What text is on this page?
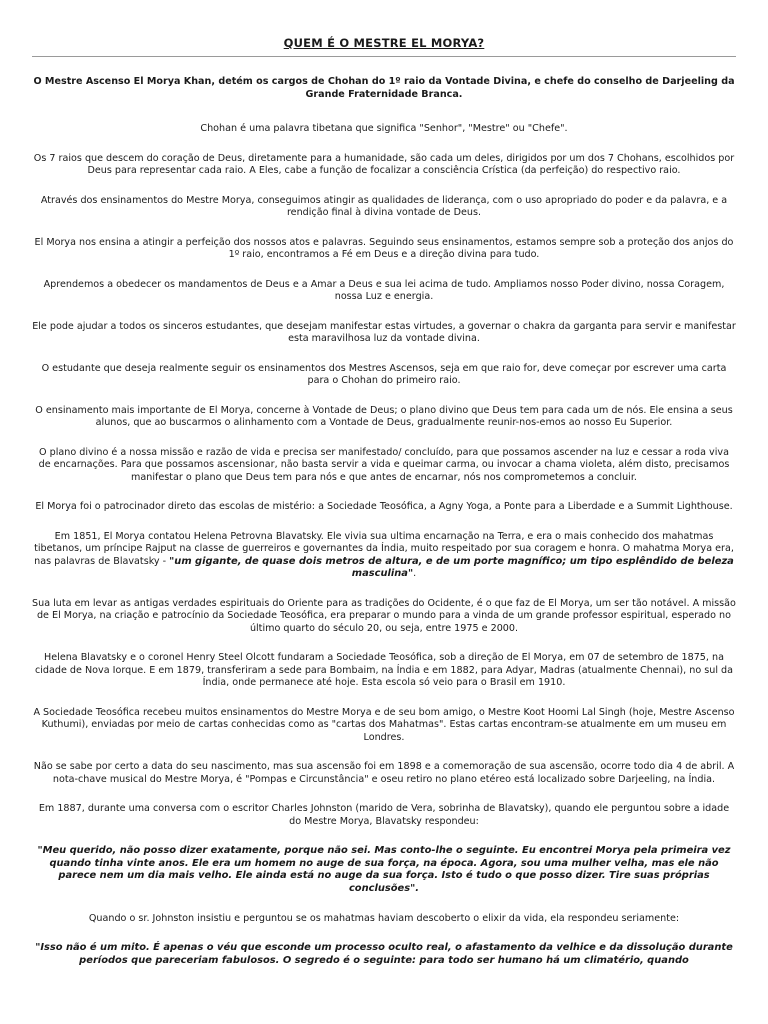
QUEM É O MESTRE EL MORYA?

O Mestre Ascenso El Morya Khan, detém os cargos de Chohan do 1º raio da Vontade Divina, e chefe do conselho de Darjeeling da Grande Fraternidade Branca.

Chohan é uma palavra tibetana que significa "Senhor", "Mestre" ou "Chefe".

Os 7 raios que descem do coração de Deus, diretamente para a humanidade, são cada um deles, dirigidos por um dos 7 Chohans, escolhidos por Deus para representar cada raio. A Eles, cabe a função de focalizar a consciência Crística (da perfeição) do respectivo raio.

Através dos ensinamentos do Mestre Morya, conseguimos atingir as qualidades de liderança, com o uso apropriado do poder e da palavra, e a rendição final à divina vontade de Deus.

El Morya nos ensina a atingir a perfeição dos nossos atos e palavras. Seguindo seus ensinamentos, estamos sempre sob a proteção dos anjos do 1º raio, encontramos a Fé em Deus e a direção divina para tudo.

Aprendemos a obedecer os mandamentos de Deus e a Amar a Deus e sua lei acima de tudo. Ampliamos nosso Poder divino, nossa Coragem, nossa Luz e energia.

Ele pode ajudar a todos os sinceros estudantes, que desejam manifestar estas virtudes, a governar o chakra da garganta para servir e manifestar esta maravilhosa luz da vontade divina.

O estudante que deseja realmente seguir os ensinamentos dos Mestres Ascensos, seja em que raio for, deve começar por escrever uma carta para o Chohan do primeiro raio.

O ensinamento mais importante de El Morya, concerne à Vontade de Deus; o plano divino que Deus tem para cada um de nós. Ele ensina a seus alunos, que ao buscarmos o alinhamento com a Vontade de Deus, gradualmente reunir-nos-emos ao nosso Eu Superior.

O plano divino é a nossa missão e razão de vida e precisa ser manifestado/ concluído, para que possamos ascender na luz e cessar a roda viva de encarnações. Para que possamos ascensionar, não basta servir a vida e queimar carma, ou invocar a chama violeta, além disto, precisamos manifestar o plano que Deus tem para nós e que antes de encarnar, nós nos comprometemos a concluir.

El Morya foi o patrocinador direto das escolas de mistério: a Sociedade Teosófica, a Agny Yoga, a Ponte para a Liberdade e a Summit Lighthouse.

Em 1851, El Morya contatou Helena Petrovna Blavatsky. Ele vivia sua ultima encarnação na Terra, e era o mais conhecido dos mahatmas tibetanos, um príncipe Rajput na classe de guerreiros e governantes da Índia, muito respeitado por sua coragem e honra. O mahatma Morya era, nas palavras de Blavatsky - "um gigante, de quase dois metros de altura, e de um porte magnífico; um tipo esplêndido de beleza masculina".

Sua luta em levar as antigas verdades espirituais do Oriente para as tradições do Ocidente, é o que faz de El Morya, um ser tão notável. A missão de El Morya, na criação e patrocínio da Sociedade Teosófica, era preparar o mundo para a vinda de um grande professor espiritual, esperado no último quarto do século 20, ou seja, entre 1975 e 2000.

Helena Blavatsky e o coronel Henry Steel Olcott fundaram a Sociedade Teosófica, sob a direção de El Morya, em 07 de setembro de 1875, na cidade de Nova Iorque. E em 1879, transferiram a sede para Bombaim, na Índia e em 1882, para Adyar, Madras (atualmente Chennai), no sul da Índia, onde permanece até hoje. Esta escola só veio para o Brasil em 1910.

A Sociedade Teosófica recebeu muitos ensinamentos do Mestre Morya e de seu bom amigo, o Mestre Koot Hoomi Lal Singh (hoje, Mestre Ascenso Kuthumi), enviadas por meio de cartas conhecidas como as "cartas dos Mahatmas". Estas cartas encontram-se atualmente em um museu em Londres.

Não se sabe por certo a data do seu nascimento, mas sua ascensão foi em 1898 e a comemoração de sua ascensão, ocorre todo dia 4 de abril. A nota-chave musical do Mestre Morya, é "Pompas e Circunstância" e oseu retiro no plano etéreo está localizado sobre Darjeeling, na Índia.

Em 1887, durante uma conversa com o escritor Charles Johnston (marido de Vera, sobrinha de Blavatsky), quando ele perguntou sobre a idade do Mestre Morya, Blavatsky respondeu:

"Meu querido, não posso dizer exatamente, porque não sei. Mas conto-lhe o seguinte. Eu encontrei Morya pela primeira vez quando tinha vinte anos. Ele era um homem no auge de sua força, na época. Agora, sou uma mulher velha, mas ele não parece nem um dia mais velho. Ele ainda está no auge da sua força. Isto é tudo o que posso dizer. Tire suas próprias conclusões".

Quando o sr. Johnston insistiu e perguntou se os mahatmas haviam descoberto o elixir da vida, ela respondeu seriamente:

"Isso não é um mito. É apenas o véu que esconde um processo oculto real, o afastamento da velhice e da dissolução durante períodos que pareceriam fabulosos. O segredo é o seguinte: para todo ser humano há um climatério, quando
